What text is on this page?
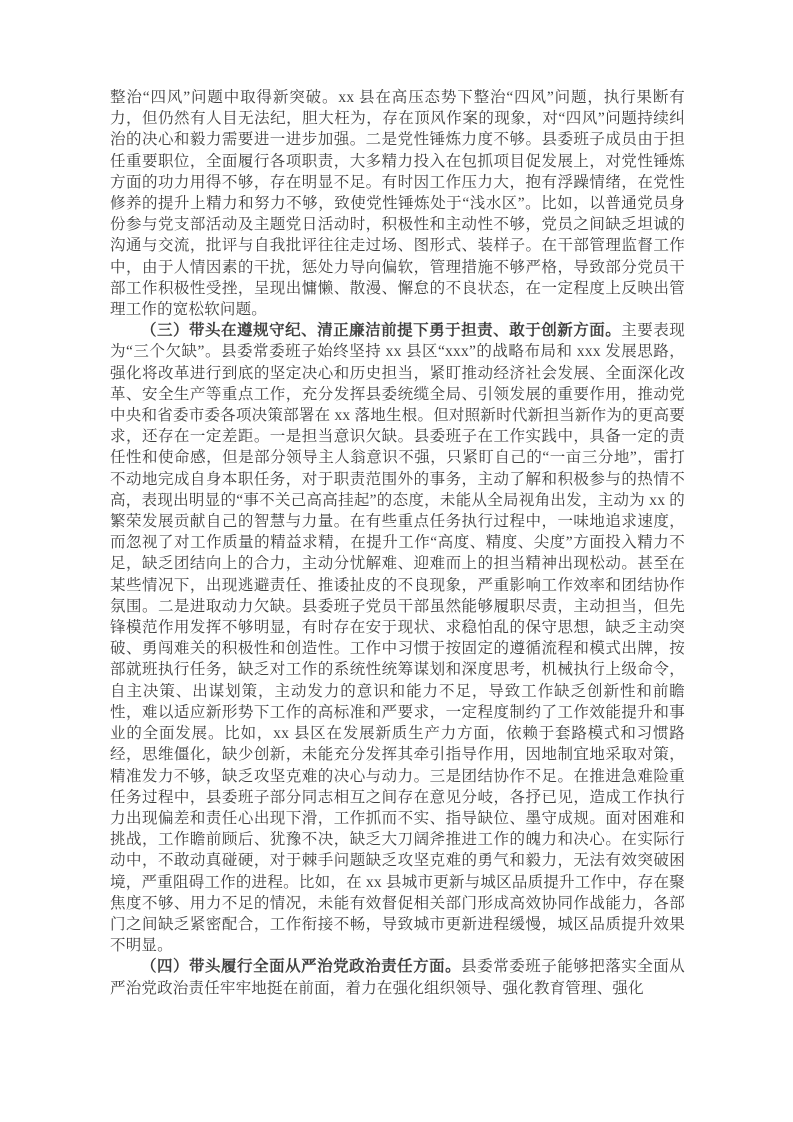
整治“四风”问题中取得新突破。xx 县在高压态势下整治“四风”问题，执行果断有力，但仍然有人目无法纪，胆大枉为，存在顶风作案的现象，对“四风”问题持续纠治的决心和毅力需要进一进步加强。二是党性锤炼力度不够。县委班子成员由于担任重要职位，全面履行各项职责，大多精力投入在包抓项目促发展上，对党性锤炼方面的功力用得不够，存在明显不足。有时因工作压力大，抱有浮躁情绪，在党性修养的提升上精力和努力不够，致使党性锤炼处于“浅水区”。比如，以普通党员身份参与党支部活动及主题党日活动时，积极性和主动性不够，党员之间缺乏坦诚的沟通与交流，批评与自我批评往往走过场、图形式、装样子。在干部管理监督工作中，由于人情因素的干扰，惩处力导向偏软，管理措施不够严格，导致部分党员干部工作积极性受挫，呈现出慵懒、散漫、懈怠的不良状态，在一定程度上反映出管理工作的宽松软问题。

（三）带头在遵规守纪、清正廉洁前提下勇于担责、敢于创新方面。主要表现为“三个欠缺”。县委常委班子始终坚持 xx 县区“xxx”的战略布局和 xxx 发展思路，强化将改革进行到底的坚定决心和历史担当，紧盯推动经济社会发展、全面深化改革、安全生产等重点工作，充分发挥县委统缆全局、引领发展的重要作用，推动党中央和省委市委各项决策部署在 xx 落地生根。但对照新时代新担当新作为的更高要求，还存在一定差距。一是担当意识欠缺。县委班子在工作实践中，具备一定的责任性和使命感，但是部分领导主人翁意识不强，只紧盯自己的“一亩三分地”，雷打不动地完成自身本职任务，对于职责范围外的事务，主动了解和积极参与的热情不高，表现出明显的“事不关己高高挂起”的态度，未能从全局视角出发，主动为 xx 的繁荣发展贡献自己的智慧与力量。在有些重点任务执行过程中，一味地追求速度，而忽视了对工作质量的精益求精，在提升工作“高度、精度、尖度”方面投入精力不足，缺乏团结向上的合力，主动分忧解难、迎难而上的担当精神出现松动。甚至在某些情况下，出现逃避责任、推诿扯皮的不良现象，严重影响工作效率和团结协作氛围。二是进取动力欠缺。县委班子党员干部虽然能够履职尽责，主动担当，但先锋模范作用发挥不够明显，有时存在安于现状、求稳怕乱的保守思想，缺乏主动突破、勇闯难关的积极性和创造性。工作中习惯于按固定的遵循流程和模式出牌，按部就班执行任务，缺乏对工作的系统性统筹谋划和深度思考，机械执行上级命令，自主决策、出谋划策，主动发力的意识和能力不足，导致工作缺乏创新性和前瞻性，难以适应新形势下工作的高标准和严要求，一定程度制约了工作效能提升和事业的全面发展。比如，xx 县区在发展新质生产力方面，依赖于套路模式和习惯路经，思维僵化，缺少创新，未能充分发挥其牵引指导作用，因地制宜地采取对策，精准发力不够，缺乏攻坚克难的决心与动力。三是团结协作不足。在推进急难险重任务过程中，县委班子部分同志相互之间存在意见分岐，各抒已见，造成工作执行力出现偏差和责任心出现下滑，工作抓而不实、指导缺位、墨守成规。面对困难和挑战，工作瞻前顾后、犹豫不决，缺乏大刀阔斧推进工作的魄力和决心。在实际行动中，不敢动真碰硬，对于棘手问题缺乏攻坚克难的勇气和毅力，无法有效突破困境，严重阻碍工作的进程。比如，在 xx 县城市更新与城区品质提升工作中，存在聚焦度不够、用力不足的情况，未能有效督促相关部门形成高效协同作战能力，各部门之间缺乏紧密配合，工作衔接不畅，导致城市更新进程缓慢，城区品质提升效果不明显。

（四）带头履行全面从严治党政治责任方面。县委常委班子能够把落实全面从严治党政治责任牢牢地挺在前面，着力在强化组织领导、强化教育管理、强化
